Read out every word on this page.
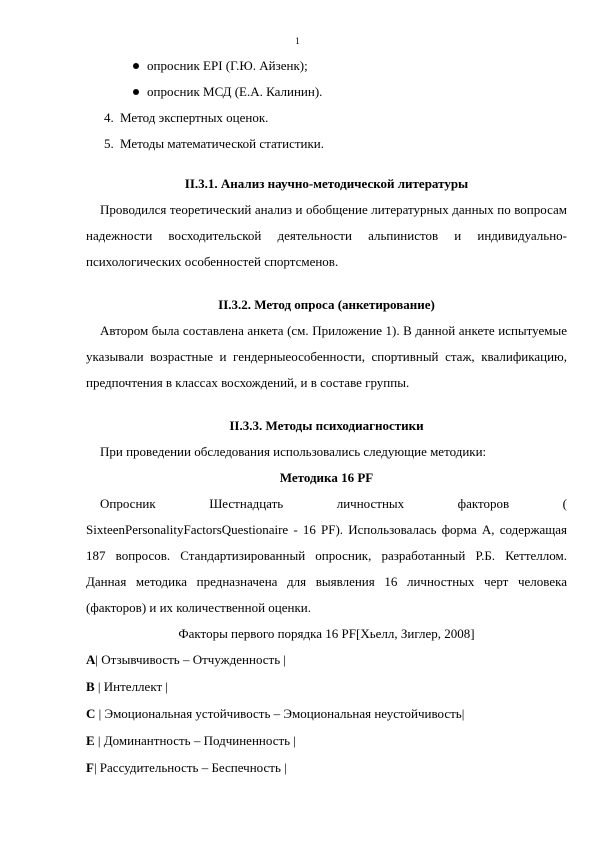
1
опросник EPI (Г.Ю. Айзенк);
опросник МСД (Е.А. Калинин).
4. Метод экспертных оценок.
5. Методы математической статистики.
II.3.1. Анализ научно-методической литературы

Проводился теоретический анализ и обобщение литературных данных по вопросам надежности восходительской деятельности альпинистов и индивидуально-психологических особенностей спортсменов.

II.3.2. Метод опроса (анкетирование)

Автором была составлена анкета (см. Приложение 1). В данной анкете испытуемые указывали возрастные и гендерныеособенности, спортивный стаж, квалификацию, предпочтения в классах восхождений, и в составе группы.

II.3.3. Методы психодиагностики

При проведении обследования использовались следующие методики:

Методика 16 PF

Опросник Шестнадцать личностных факторов ( SixteenPersonalityFactorsQuestionaire - 16 PF). Использовалась форма А, содержащая 187 вопросов. Стандартизированный опросник, разработанный Р.Б. Кеттеллом. Данная методика предназначена для выявления 16 личностных черт человека (факторов) и их количественной оценки.

Факторы первого порядка 16 PF[Хьелл, Зиглер, 2008]
A| Отзывчивость – Отчужденность |
B | Интеллект |
C | Эмоциональная устойчивость – Эмоциональная неустойчивость|
E | Доминантность – Подчиненность |
F| Рассудительность – Беспечность |
